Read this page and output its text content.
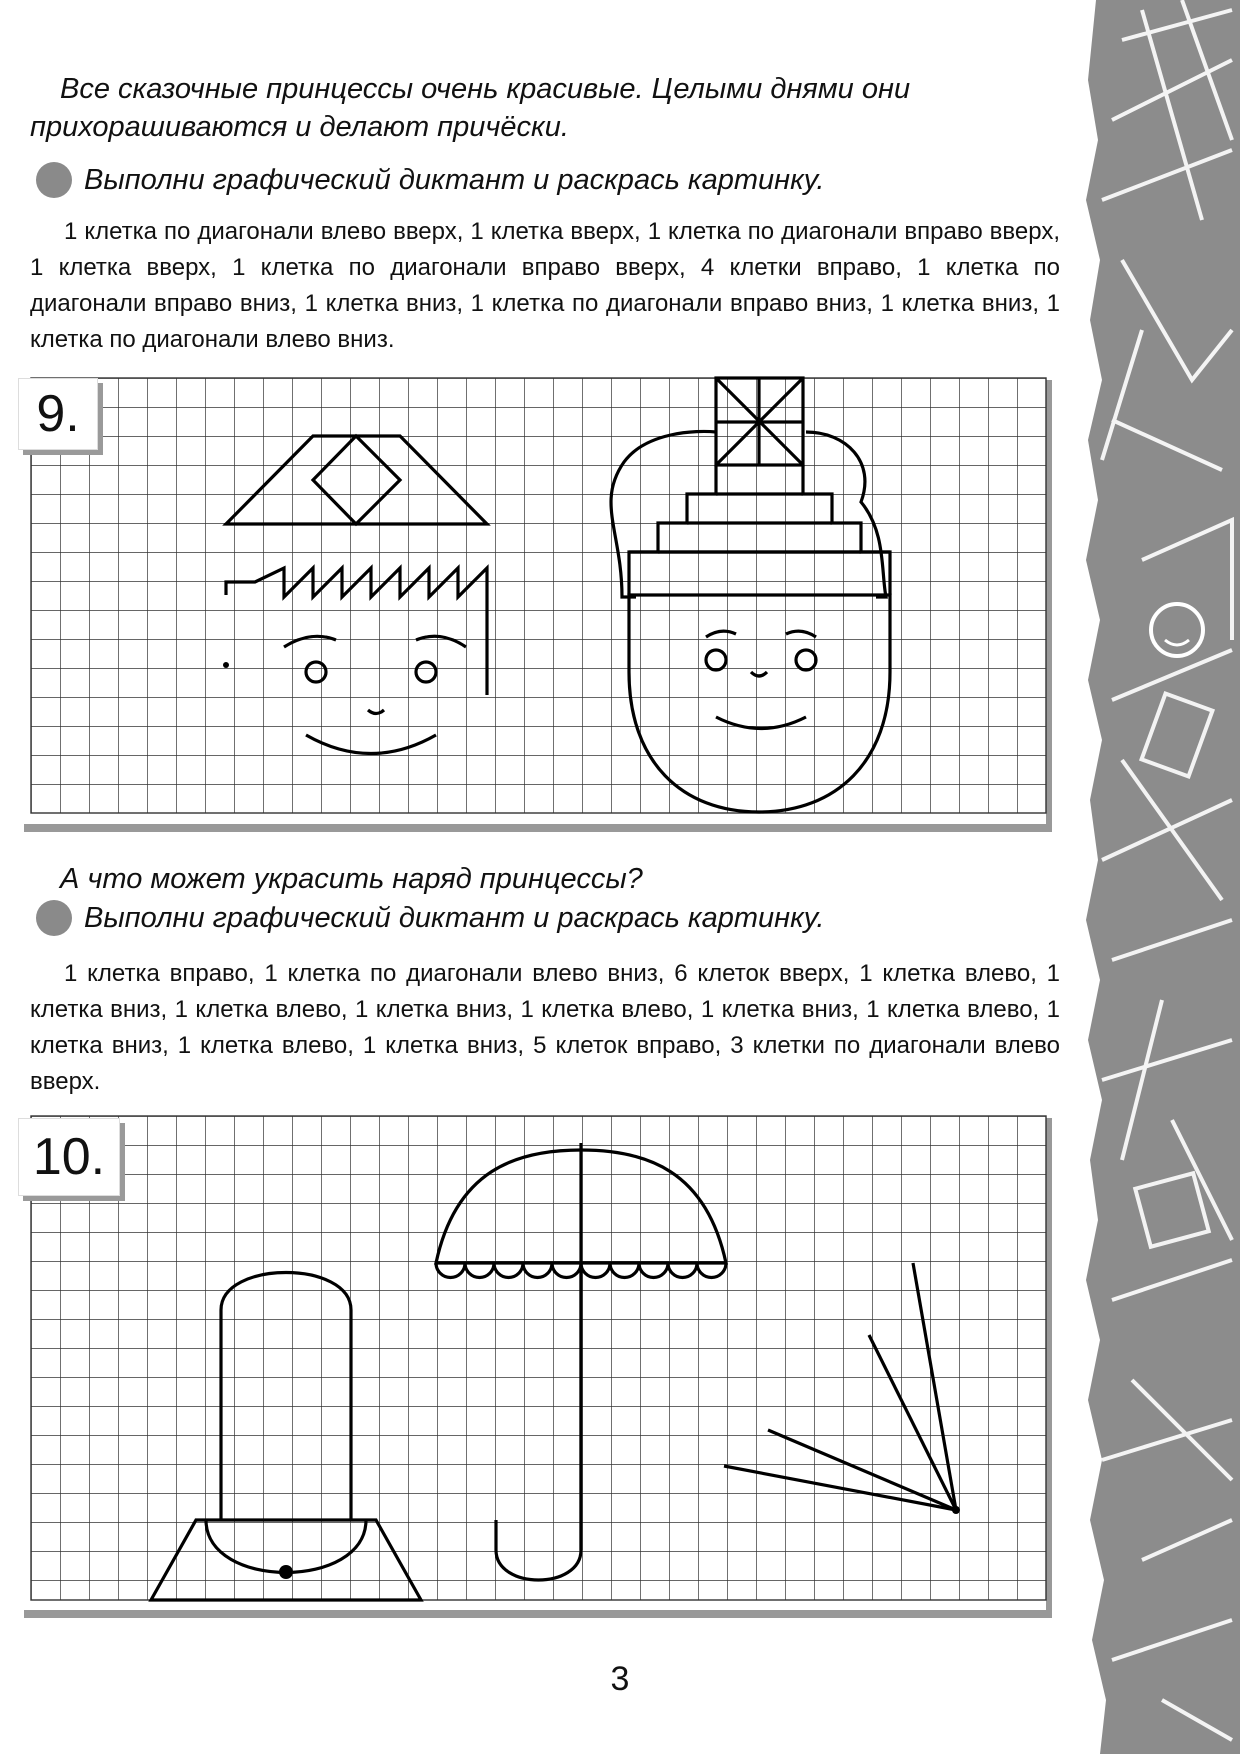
Все сказочные принцессы очень красивые. Целыми днями они прихорашиваются и делают причёски.
Выполни графический диктант и раскрась картинку.
1 клетка по диагонали влево вверх, 1 клетка вверх, 1 клетка по диагонали вправо вверх, 1 клетка вверх, 1 клетка по диагонали вправо вверх, 4 клетки вправо, 1 клетка по диагонали вправо вниз, 1 клетка вниз, 1 клетка по диагонали вправо вниз, 1 клетка вниз, 1 клетка по диагонали влево вниз.
9.
А что может украсить наряд принцессы?
Выполни графический диктант и раскрась картинку.
1 клетка вправо, 1 клетка по диагонали влево вниз, 6 клеток вверх, 1 клетка влево, 1 клетка вниз, 1 клетка влево, 1 клетка вниз, 1 клетка влево, 1 клетка вниз, 1 клетка влево, 1 клетка вниз, 1 клетка влево, 1 клетка вниз, 5 клеток вправо, 3 клетки по диагонали влево вверх.
10.
3
